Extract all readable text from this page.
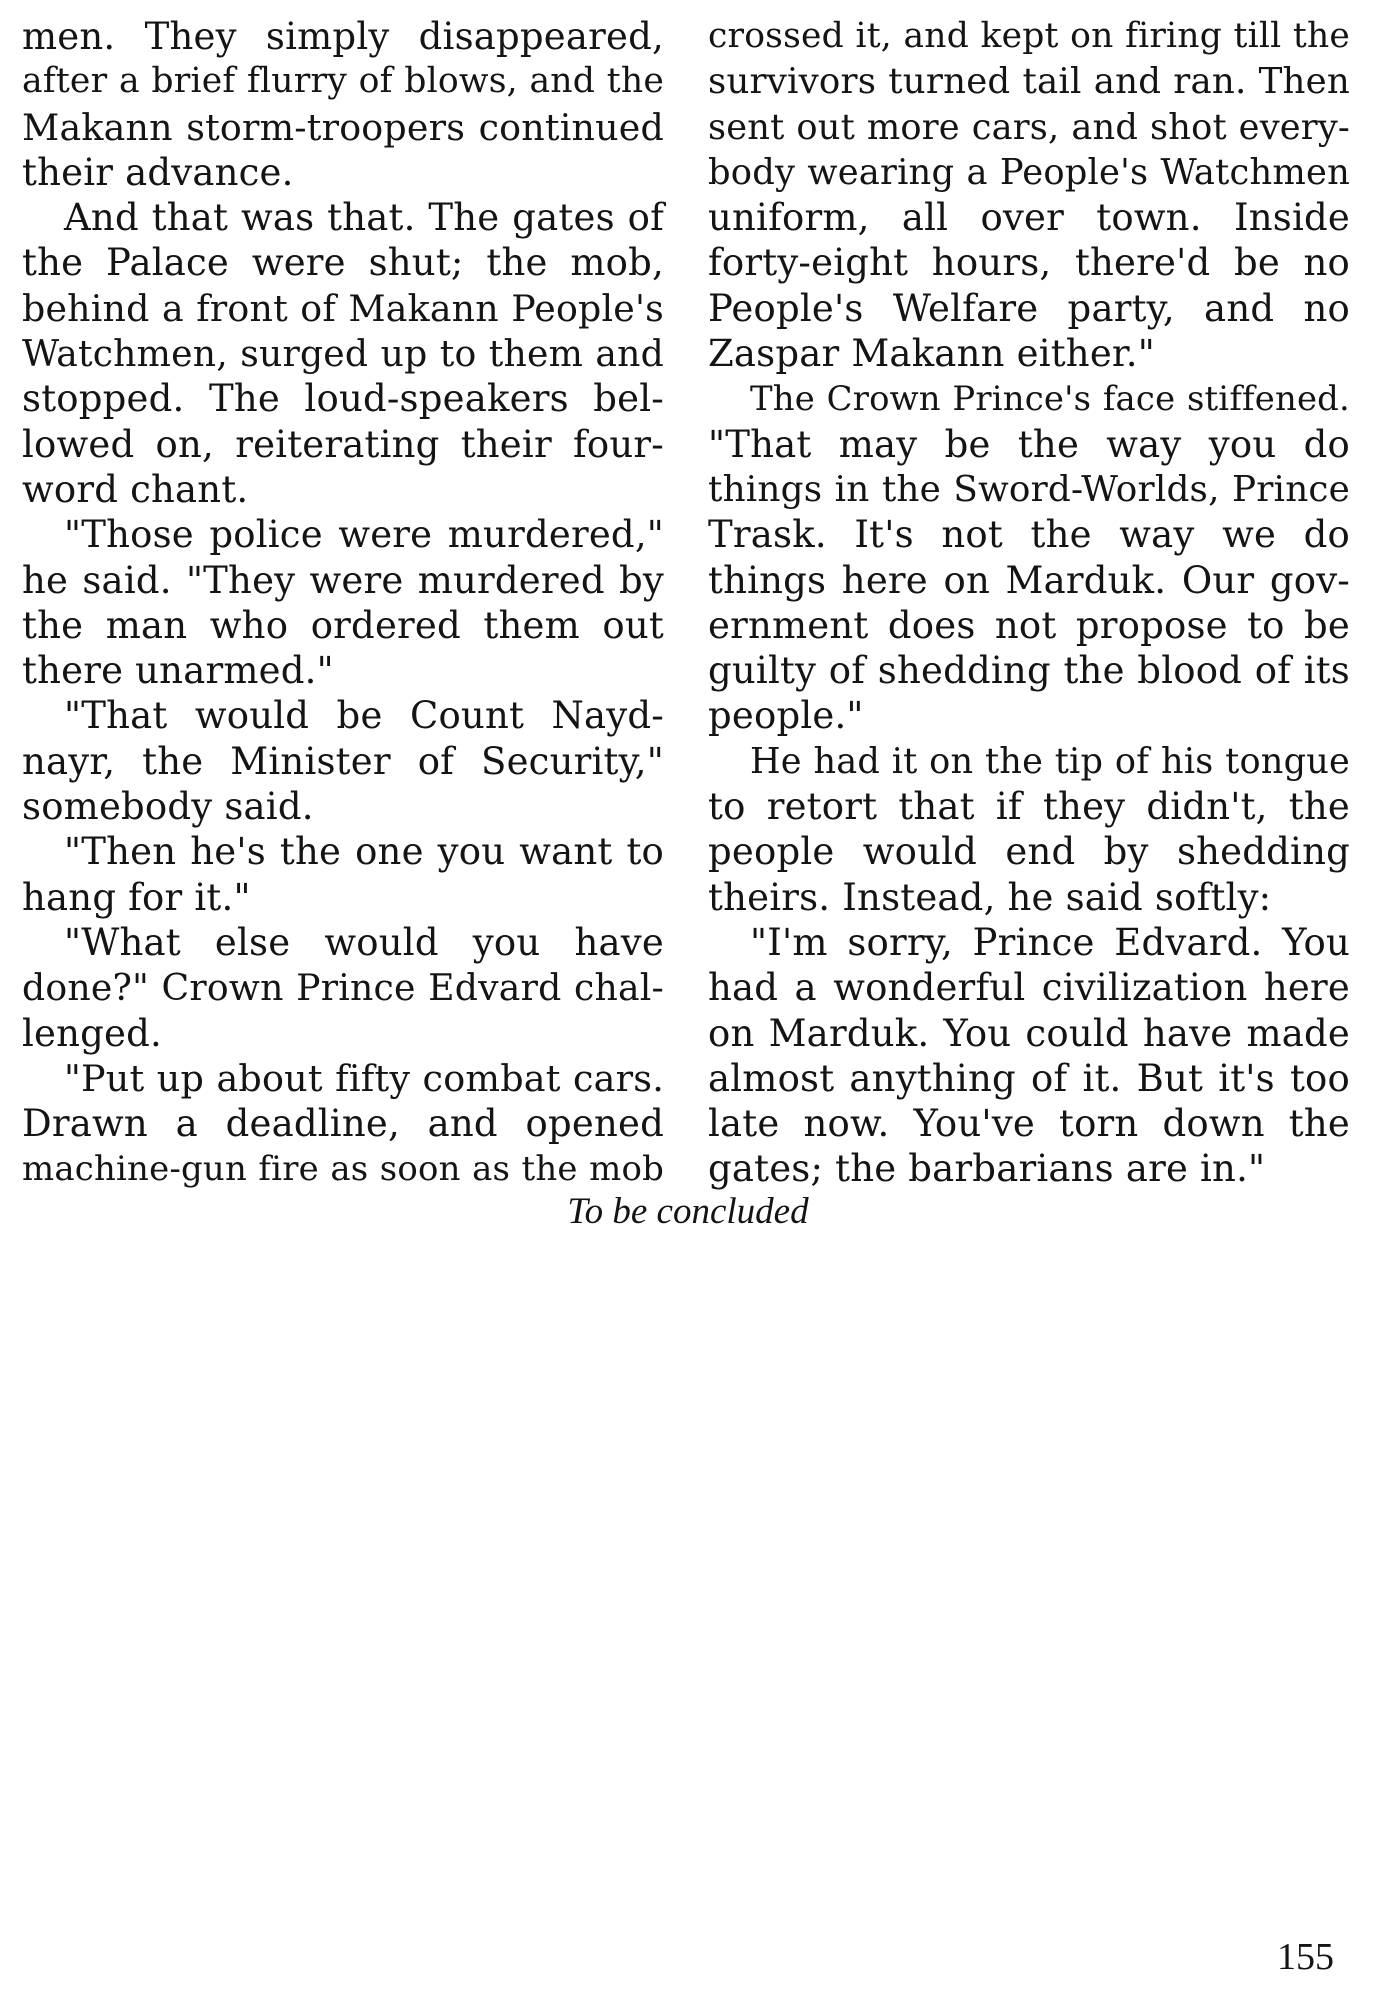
men. They simply disappeared,
after a brief flurry of blows, and the
Makann storm-troopers continued
their advance.
And that was that. The gates of
the Palace were shut; the mob,
behind a front of Makann People's
Watchmen, surged up to them and
stopped. The loud-speakers bel-
lowed on, reiterating their four-
word chant.
"Those police were murdered,"
he said. "They were murdered by
the man who ordered them out
there unarmed."
"That would be Count Nayd-
nayr, the Minister of Security,"
somebody said.
"Then he's the one you want to
hang for it."
"What else would you have
done?" Crown Prince Edvard chal-
lenged.
"Put up about fifty combat cars.
Drawn a deadline, and opened
machine-gun fire as soon as the mob
crossed it, and kept on firing till the
survivors turned tail and ran. Then
sent out more cars, and shot every-
body wearing a People's Watchmen
uniform, all over town. Inside
forty-eight hours, there'd be no
People's Welfare party, and no
Zaspar Makann either."
The Crown Prince's face stiffened.
"That may be the way you do
things in the Sword-Worlds, Prince
Trask. It's not the way we do
things here on Marduk. Our gov-
ernment does not propose to be
guilty of shedding the blood of its
people."
He had it on the tip of his tongue
to retort that if they didn't, the
people would end by shedding
theirs. Instead, he said softly:
"I'm sorry, Prince Edvard. You
had a wonderful civilization here
on Marduk. You could have made
almost anything of it. But it's too
late now. You've torn down the
gates; the barbarians are in."
To be concluded
155
